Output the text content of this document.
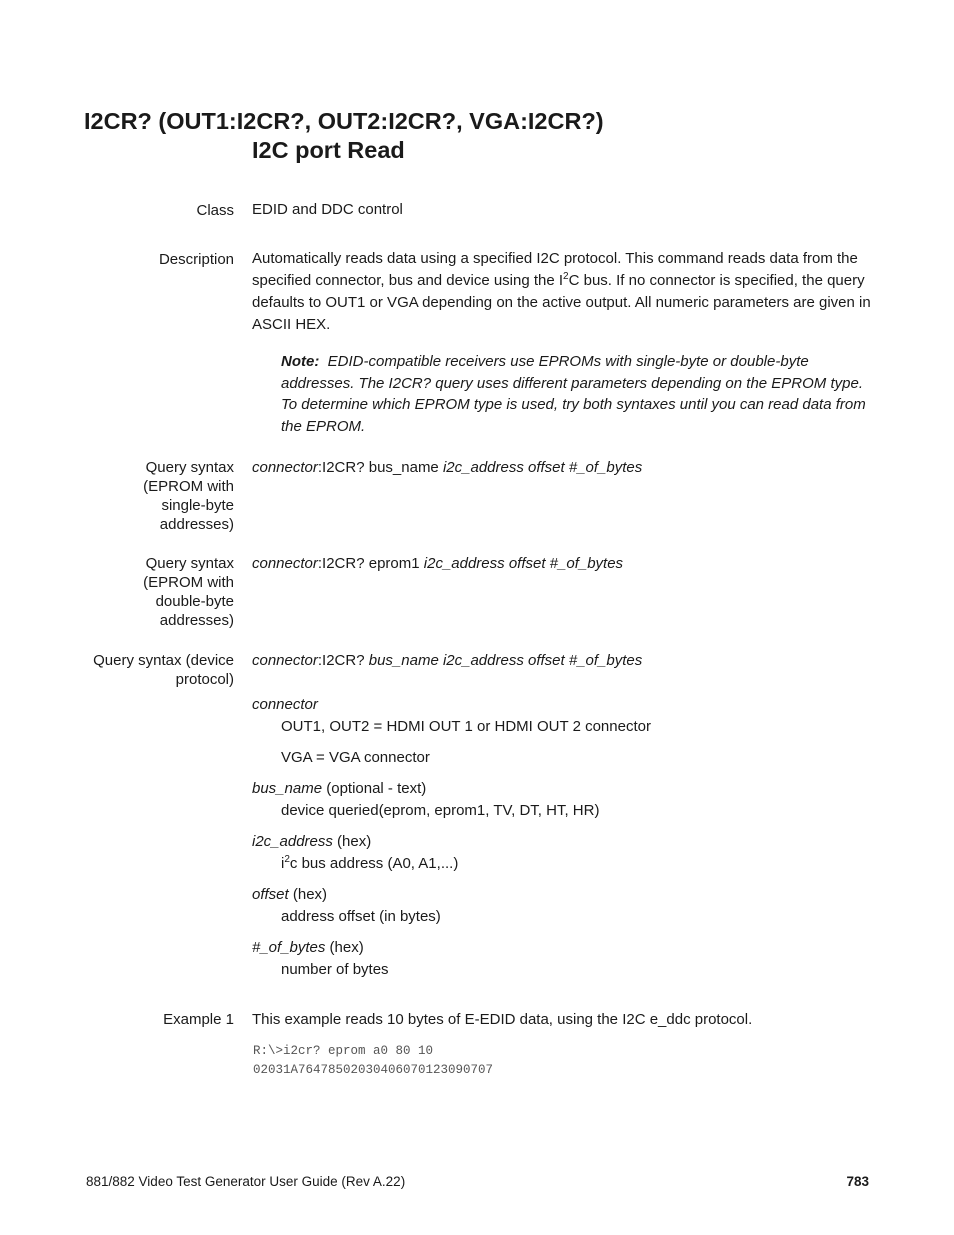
I2CR? (OUT1:I2CR?, OUT2:I2CR?, VGA:I2CR?)
I2C port Read
Class EDID and DDC control
Description Automatically reads data using a specified I2C protocol. This command reads data from the specified connector, bus and device using the $I^2C$ bus. If no connector is specified, the query defaults to OUT1 or VGA depending on the active output. All numeric parameters are given in ASCII HEX.
Note: EDID-compatible receivers use EPROMs with single-byte or double-byte addresses. The I2CR? query uses different parameters depending on the EPROM type. To determine which EPROM type is used, try both syntaxes until you can read data from the EPROM.
Query syntax
(EPROM with
single-byte
addresses)
connector:I2CR? bus_name i2c_address offset #_of_bytes
Query syntax
(EPROM with
double-byte
addresses)
connector:I2CR? eprom1 i2c_address offset #_of_bytes
Query syntax (device
protocol)
connector:I2CR? bus_name i2c_address offset #_of_bytes
connector
OUT1, OUT2 = HDMI OUT 1 or HDMI OUT 2 connector
VGA = VGA connector
bus_name (optional - text)
device queried(eprom, eprom1, TV, DT, HT, HR)
i2c_address (hex)
$i^2c$ bus address (A0, A1,...)
offset (hex)
address offset (in bytes)
#_of_bytes (hex)
number of bytes
Example 1 This example reads 10 bytes of E-EDID data, using the I2C e_ddc protocol.
R:\>i2cr? eprom a0 80 10
02031A7647850203040607012309070​7
881/882 Video Test Generator User Guide (Rev A.22)	783
